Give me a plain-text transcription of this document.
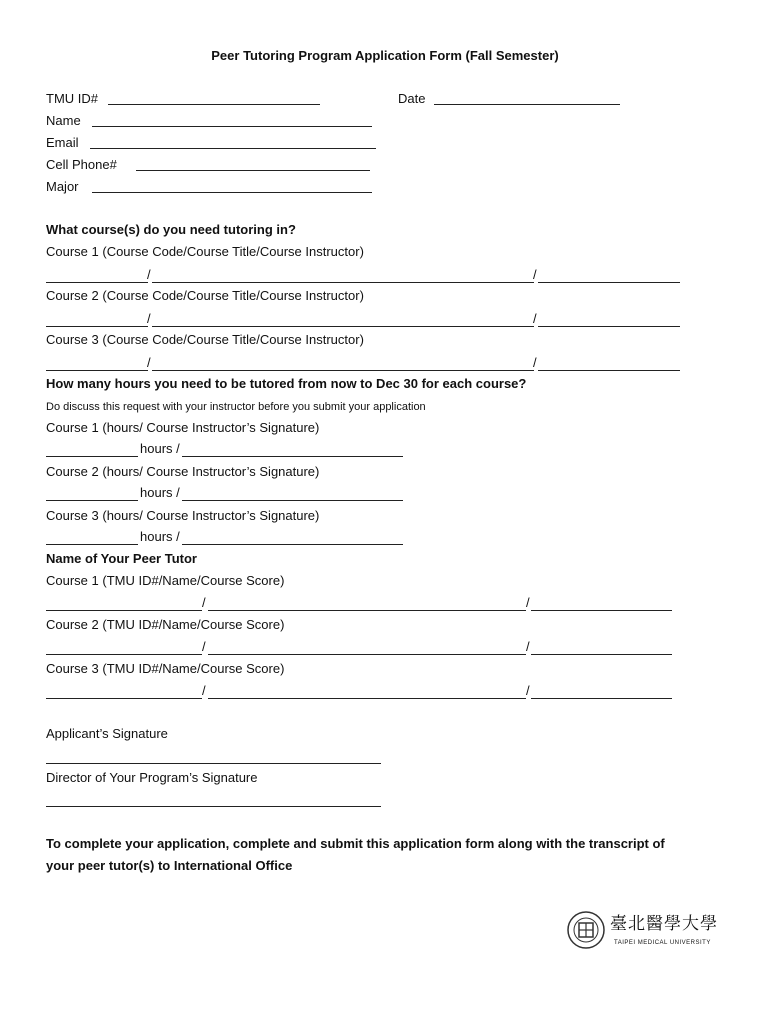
Peer Tutoring Program Application Form (Fall Semester)
TMU ID#	Date
Name
Email
Cell Phone#
Major
What course(s) do you need tutoring in?
Course 1 (Course Code/Course Title/Course Instructor)
/	/
Course 2 (Course Code/Course Title/Course Instructor)
/	/
Course 3 (Course Code/Course Title/Course Instructor)
/	/
How many hours you need to be tutored from now to Dec 30 for each course?
Do discuss this request with your instructor before you submit your application
Course 1 (hours/ Course Instructor’s Signature)
hours /
Course 2 (hours/ Course Instructor’s Signature)
hours /
Course 3 (hours/ Course Instructor’s Signature)
hours /
Name of Your Peer Tutor
Course 1 (TMU ID#/Name/Course Score)
/	/
Course 2 (TMU ID#/Name/Course Score)
/	/
Course 3 (TMU ID#/Name/Course Score)
/	/
Applicant’s Signature
Director of Your Program’s Signature
To complete your application, complete and submit this application form along with the transcript of
your peer tutor(s) to International Office
臺北醫學大學
TAIPEI MEDICAL UNIVERSITY
